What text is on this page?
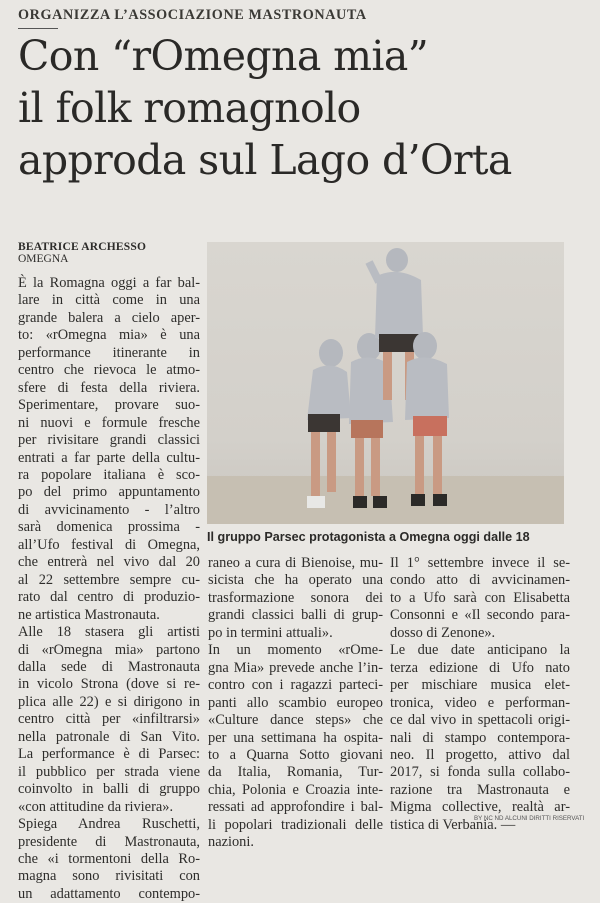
ORGANIZZA L’ASSOCIAZIONE MASTRONAUTA
Con “rOmegna mia”
il folk romagnolo
approda sul Lago d’Orta
BEATRICE ARCHESSO
OMEGNA
È la Romagna oggi a far bal-
lare in città come in una
grande balera a cielo aper-
to: «rOmegna mia» è una
performance itinerante in
centro che rievoca le atmo-
sfere di festa della riviera.
Sperimentare, provare suo-
ni nuovi e formule fresche
per rivisitare grandi classici
entrati a far parte della cultu-
ra popolare italiana è sco-
po del primo appuntamento
di avvicinamento - l’altro
sarà domenica prossima -
all’Ufo festival di Omegna,
che entrerà nel vivo dal 20
al 22 settembre sempre cu-
rato dal centro di produzio-
ne artistica Mastronauta.
Alle 18 stasera gli artisti
di «rOmegna mia» partono
dalla sede di Mastronauta
in vicolo Strona (dove si re-
plica alle 22) e si dirigono in
centro città per «infiltrarsi»
nella patronale di San Vito.
La performance è di Parsec:
il pubblico per strada viene
coinvolto in balli di gruppo
«con attitudine da riviera».
Spiega Andrea Ruschetti,
presidente di Mastronauta,
che «i tormentoni della Ro-
magna sono rivisitati con
un adattamento contempo-
raneo a cura di Bienoise, mu-
sicista che ha operato una
trasformazione sonora dei
grandi classici balli di grup-
po in termini attuali».
In un momento «rOme-
gna Mia» prevede anche l’in-
contro con i ragazzi parteci-
panti allo scambio europeo
«Culture dance steps» che
per una settimana ha ospita-
to a Quarna Sotto giovani
da Italia, Romania, Tur-
chia, Polonia e Croazia inte-
ressati ad approfondire i bal-
li popolari tradizionali delle
nazioni.
Il 1° settembre invece il se-
condo atto di avvicinamen-
to a Ufo sarà con Elisabetta
Consonni e «Il secondo para-
dosso di Zenone».
Le due date anticipano la
terza edizione di Ufo nato
per mischiare musica elet-
tronica, video e performan-
ce dal vivo in spettacoli origi-
nali di stampo contempora-
neo. Il progetto, attivo dal
2017, si fonda sulla collabo-
razione tra Mastronauta e
Migma collective, realtà ar-
tistica di Verbania. —
Il gruppo Parsec protagonista a Omegna oggi dalle 18
BY NC ND ALCUNI DIRITTI RISERVATI
